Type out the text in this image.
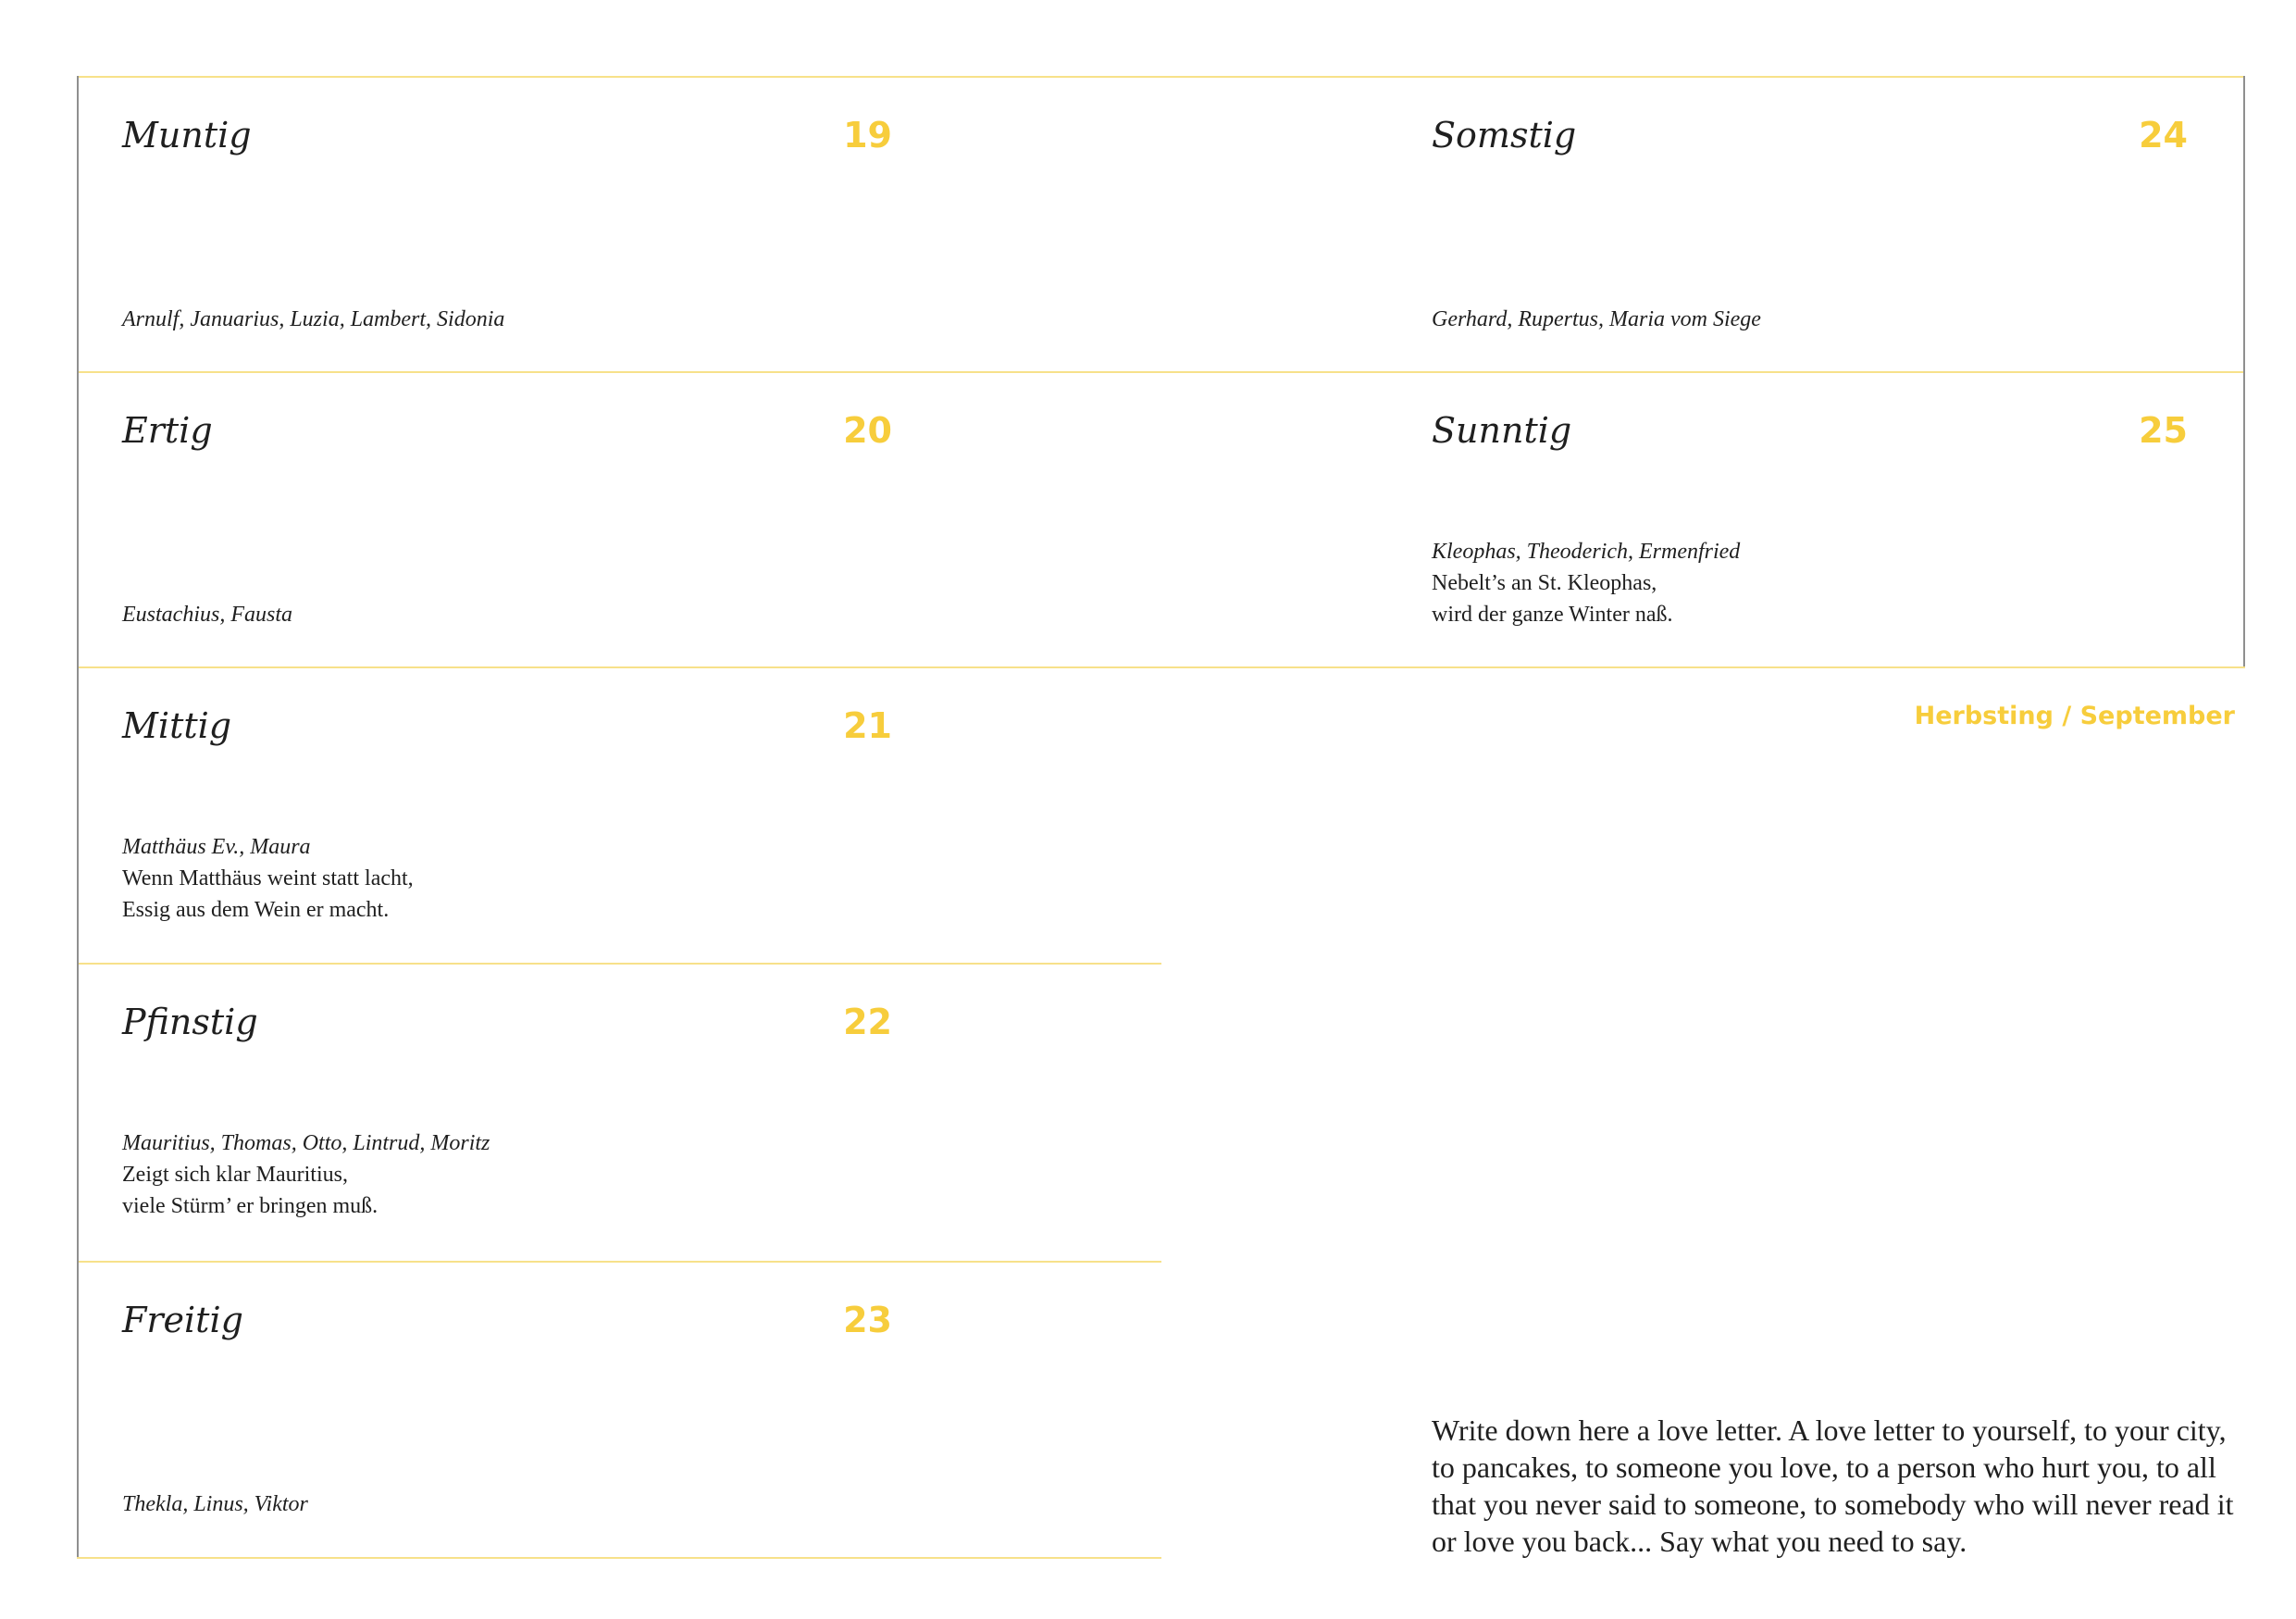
Muntig	19
Arnulf, Januarius, Luzia, Lambert, Sidonia
Ertig	20
Eustachius, Fausta
Mittig	21
Matthäus Ev., Maura
Wenn Matthäus weint statt lacht,
Essig aus dem Wein er macht.
Pfinstig	22
Mauritius, Thomas, Otto, Lintrud, Moritz
Zeigt sich klar Mauritius,
viele Stürm’ er bringen muß.
Freitig	23
Thekla, Linus, Viktor
Somstig	24
Gerhard, Rupertus, Maria vom Siege
Sunntig	25
Kleophas, Theoderich, Ermenfried
Nebelt’s an St. Kleophas,
wird der ganze Winter naß.
Herbsting / September
Write down here a love letter. A love letter to yourself, to your city, to pancakes, to someone you love, to a person who hurt you, to all that you never said to someone, to somebody who will never read it or love you back... Say what you need to say.
